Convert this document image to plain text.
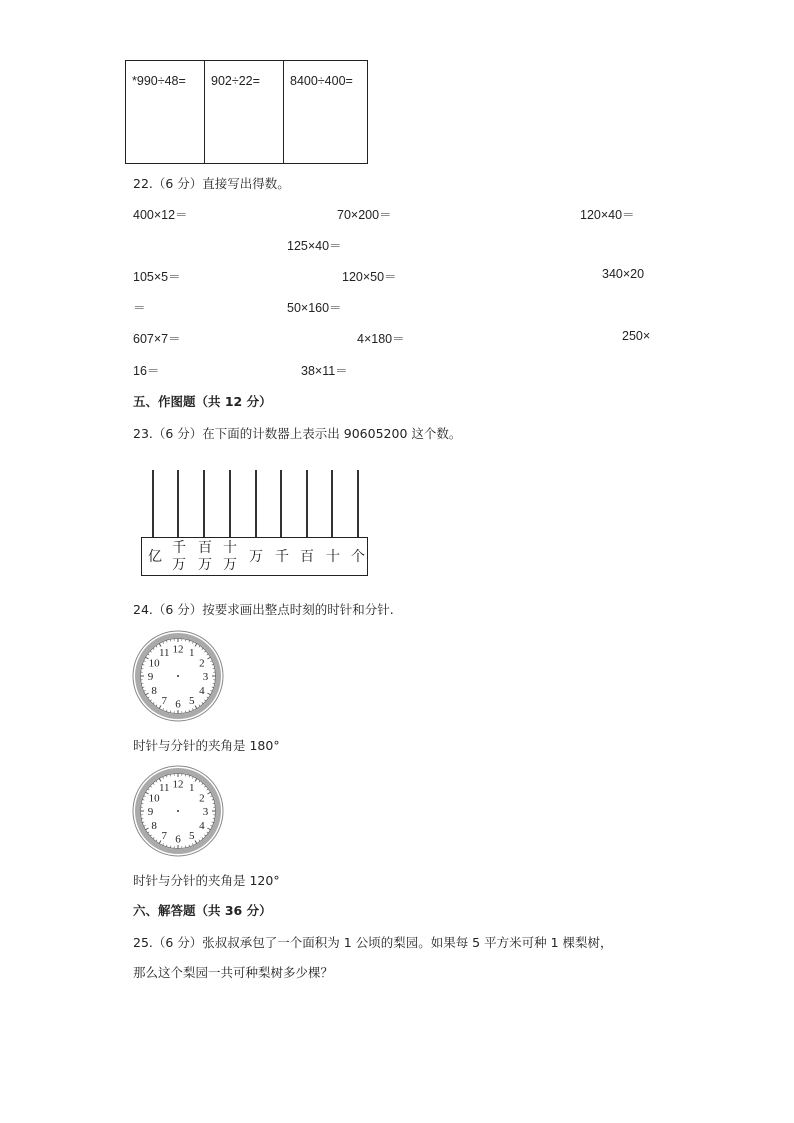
*990÷48=	902÷22=	8400÷400=
22.（6 分）直接写出得数。
400×12＝	70×200＝	120×40＝
125×40＝
105×5＝	120×50＝	340×20
＝	50×160＝
607×7＝	4×180＝	250×
16＝	38×11＝
五、作图题（共 12 分）
23.（6 分）在下面的计数器上表示出 90605200 这个数。
亿
千
万
百
万
十
万 万 千 百 十 个
24.（6 分）按要求画出整点时刻的时针和分针.
12 1
2
3
4
5
6
7
8
9
10
11
时针与分针的夹角是 180°
12 1
2
3
4
5
6
7
8
9
10
11
时针与分针的夹角是 120°
六、解答题（共 36 分）
25.（6 分）张叔叔承包了一个面积为 1 公顷的梨园。如果每 5 平方米可种 1 棵梨树，
那么这个梨园一共可种梨树多少棵？
